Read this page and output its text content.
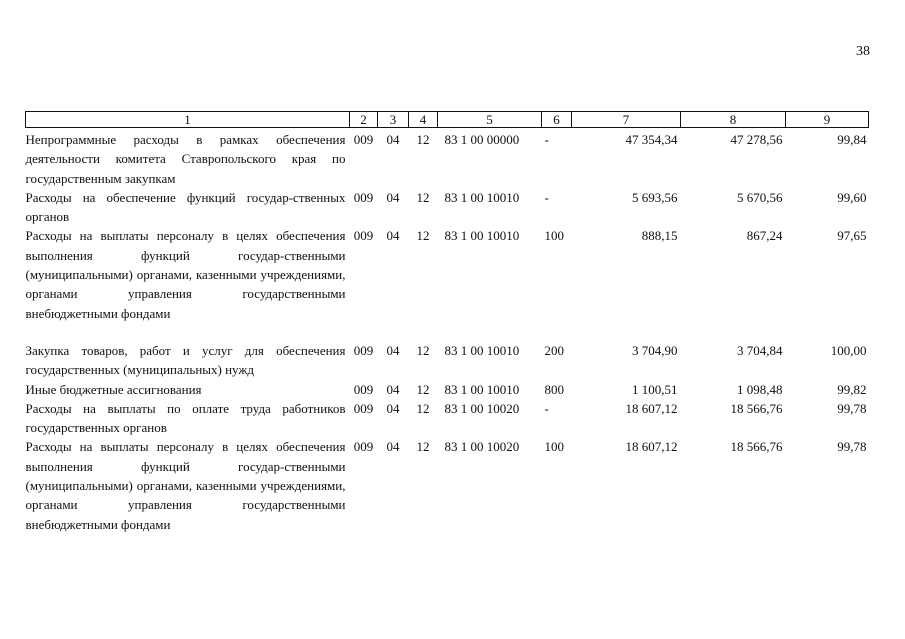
38
1	2	3	4	5	6	7	8	9
Непрограммные расходы в рамках обеспечения деятельности комитета Ставропольского края по государственным закупкам	009	04	12	83 1 00 00000	-	47 354,34	47 278,56	99,84
Расходы на обеспечение функций государ-ственных органов	009	04	12	83 1 00 10010	-	5 693,56	5 670,56	99,60
Расходы на выплаты персоналу в целях обеспечения выполнения функций государ-ственными (муниципальными) органами, казенными учреждениями, органами управления государственными внебюджетными фондами	009	04	12	83 1 00 10010	100	888,15	867,24	97,65

Закупка товаров, работ и услуг для обеспечения государственных (муниципальных) нужд	009	04	12	83 1 00 10010	200	3 704,90	3 704,84	100,00
Иные бюджетные ассигнования	009	04	12	83 1 00 10010	800	1 100,51	1 098,48	99,82
Расходы на выплаты по оплате труда работников государственных органов	009	04	12	83 1 00 10020	-	18 607,12	18 566,76	99,78
Расходы на выплаты персоналу в целях обеспечения выполнения функций государ-ственными (муниципальными) органами, казенными учреждениями, органами управления государственными внебюджетными фондами	009	04	12	83 1 00 10020	100	18 607,12	18 566,76	99,78
